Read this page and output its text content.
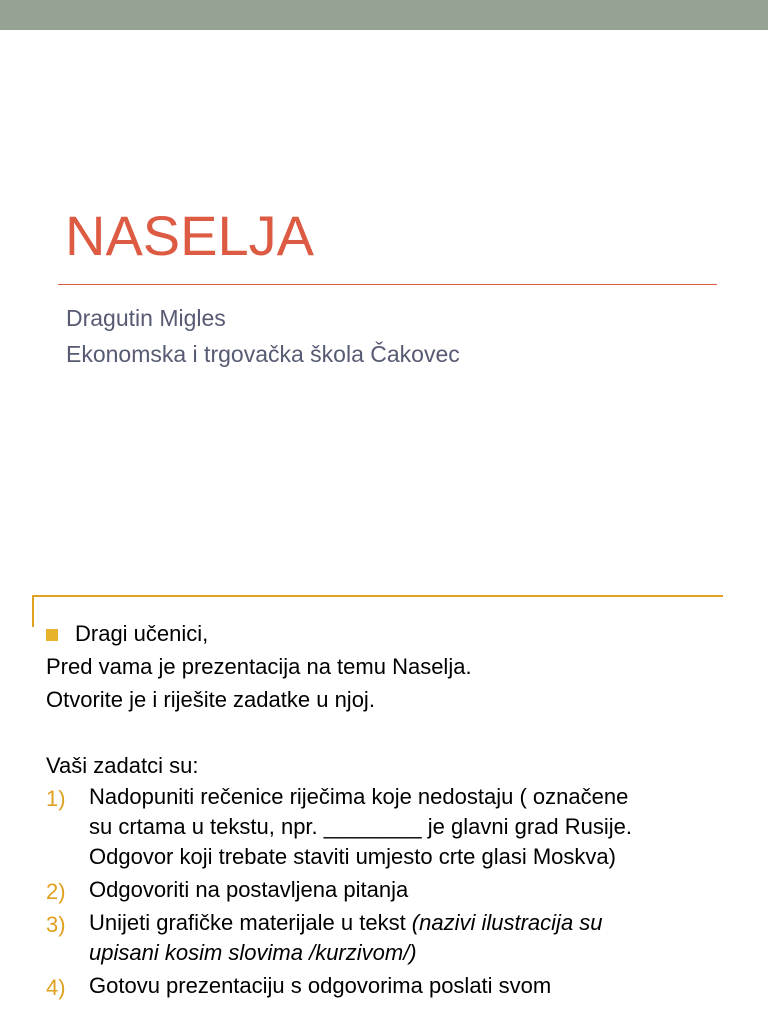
NASELJA
Dragutin Migles
Ekonomska i trgovačka škola Čakovec
Dragi učenici,
Pred vama je prezentacija na temu Naselja.
Otvorite je i riješite zadatke u njoj.
Vaši zadatci su:
1) Nadopuniti rečenice riječima koje nedostaju ( označene
su crtama u tekstu, npr. ________ je glavni grad Rusije.
Odgovor koji trebate staviti umjesto crte glasi Moskva)
2) Odgovoriti na postavljena pitanja
3) Unijeti grafičke materijale u tekst (nazivi ilustracija su
upisani kosim slovima /kurzivom/)
4) Gotovu prezentaciju s odgovorima poslati svom
